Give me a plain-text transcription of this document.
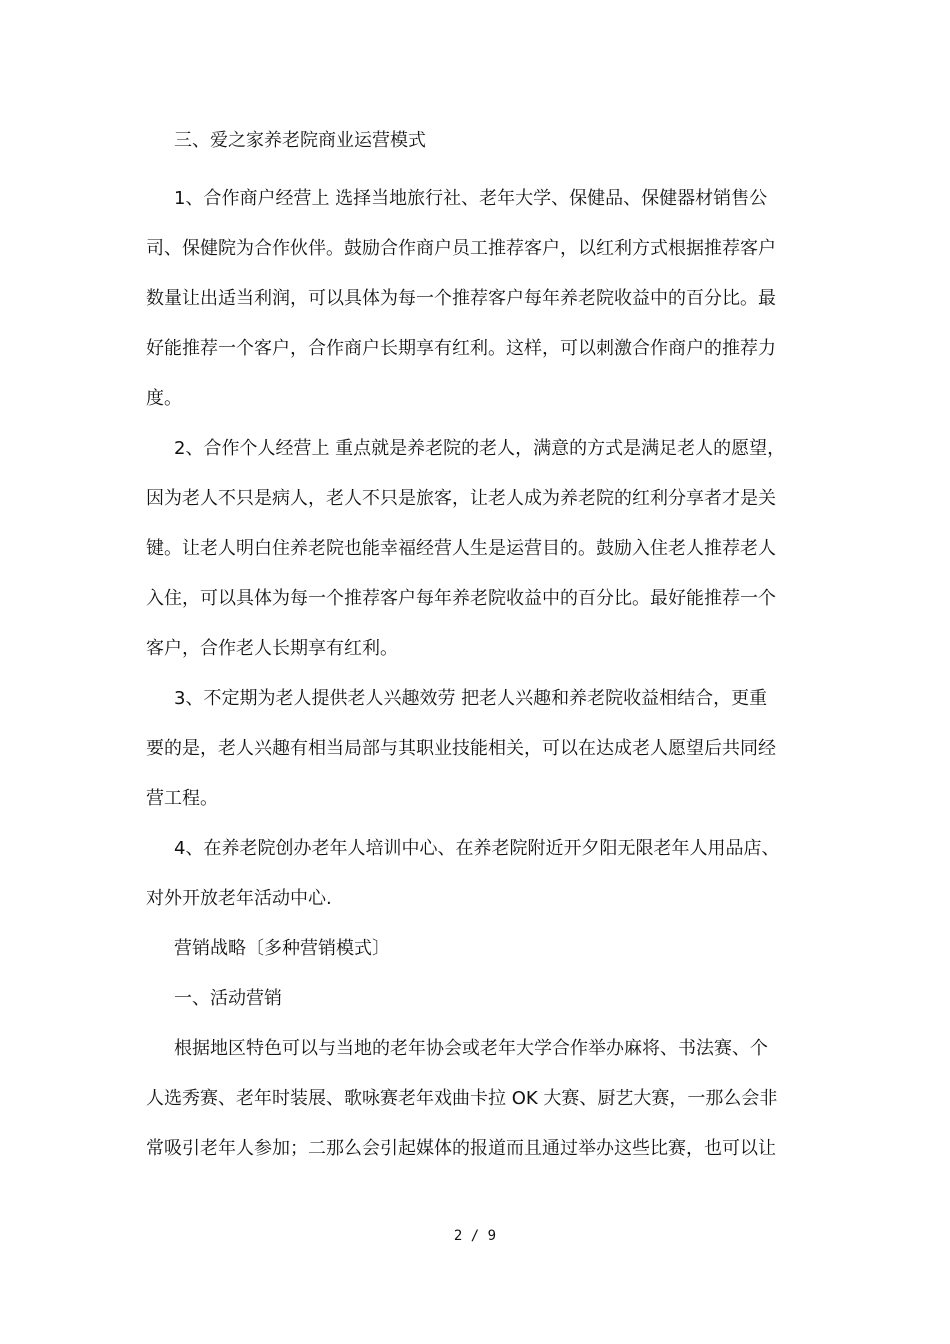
三、爱之家养老院商业运营模式
1、合作商户经营上 选择当地旅行社、老年大学、保健品、保健器材销售公
司、保健院为合作伙伴。鼓励合作商户员工推荐客户，以红利方式根据推荐客户
数量让出适当利润，可以具体为每一个推荐客户每年养老院收益中的百分比。最
好能推荐一个客户，合作商户长期享有红利。这样，可以刺激合作商户的推荐力
度。
2、合作个人经营上 重点就是养老院的老人，满意的方式是满足老人的愿望，
因为老人不只是病人，老人不只是旅客，让老人成为养老院的红利分享者才是关
键。让老人明白住养老院也能幸福经营人生是运营目的。鼓励入住老人推荐老人
入住，可以具体为每一个推荐客户每年养老院收益中的百分比。最好能推荐一个
客户，合作老人长期享有红利。
3、不定期为老人提供老人兴趣效劳 把老人兴趣和养老院收益相结合，更重
要的是，老人兴趣有相当局部与其职业技能相关，可以在达成老人愿望后共同经
营工程。
4、在养老院创办老年人培训中心、在养老院附近开夕阳无限老年人用品店、
对外开放老年活动中心.
营销战略〔多种营销模式〕
一、活动营销
根据地区特色可以与当地的老年协会或老年大学合作举办麻将、书法赛、个
人选秀赛、老年时装展、歌咏赛老年戏曲卡拉 OK 大赛、厨艺大赛，一那么会非
常吸引老年人参加；二那么会引起媒体的报道而且通过举办这些比赛，也可以让
2 / 9
